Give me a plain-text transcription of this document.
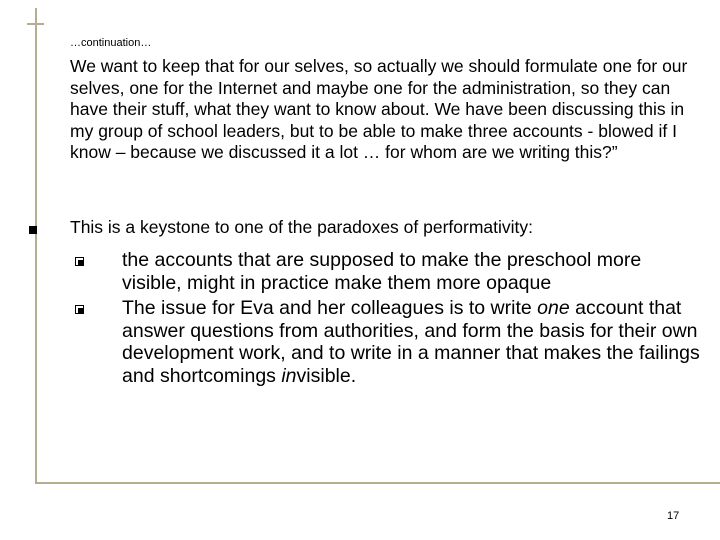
…continuation…
We want to keep that for our selves, so actually we should formulate one for our selves, one for the Internet and maybe one for the administration, so they can have their stuff, what they want to know about. We have been discussing this in my group of school leaders, but to be able to make three accounts - blowed if I know – because we discussed it a lot … for whom are we writing this?”
This is a keystone to one of the paradoxes of performativity:
the accounts that are supposed to make the preschool more visible, might in practice make them more opaque
The issue for Eva and her colleagues is to write one account that answer questions from authorities, and form the basis for their own development work, and to write in a manner that makes the failings and shortcomings invisible.
17
